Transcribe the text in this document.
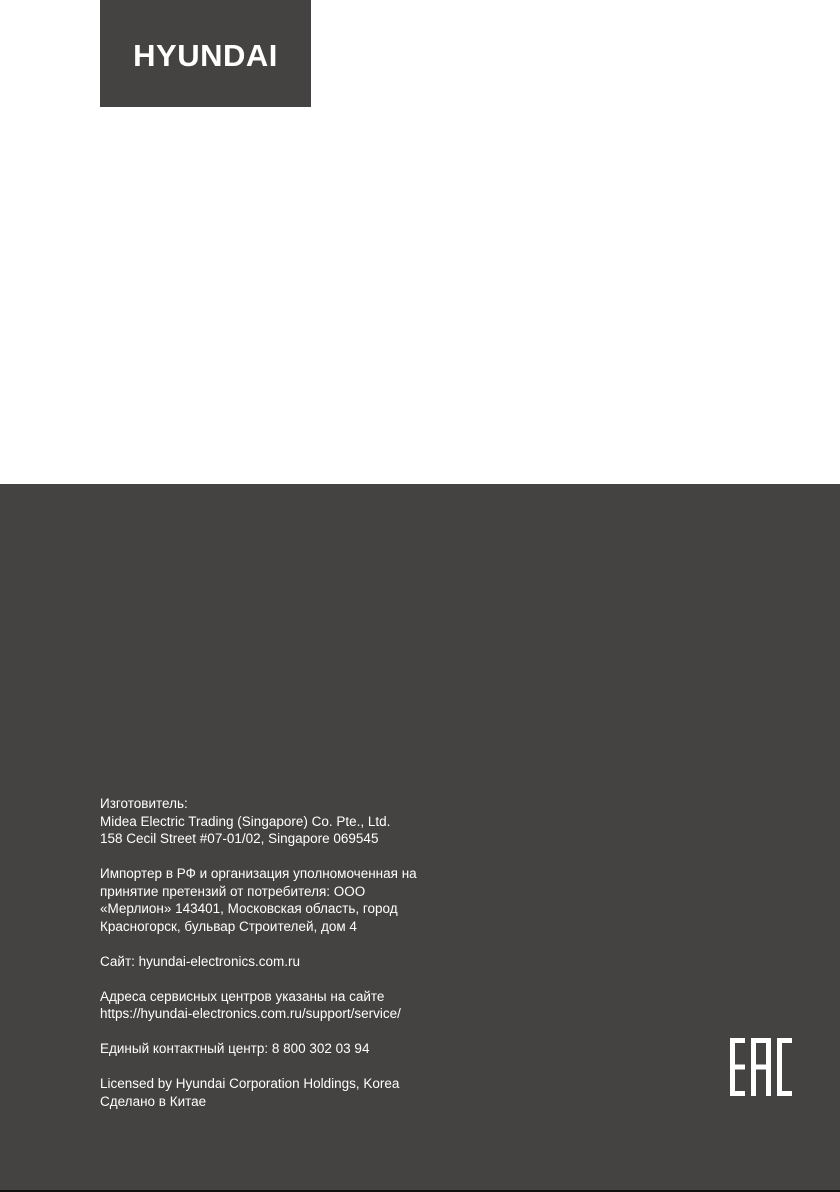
HYUNDAI
Изготовитель:
Midea Electric Trading (Singapore) Co. Pte., Ltd.
158 Cecil Street #07-01/02, Singapore 069545
Импортер в РФ и организация уполномоченная на
принятие претензий от потребителя: ООО
«Мерлион» 143401, Московская область, город
Красногорск, бульвар Строителей, дом 4
Сайт: hyundai-electronics.com.ru
Адреса сервисных центров указаны на сайте
https://hyundai-electronics.com.ru/support/service/
Единый контактный центр: 8 800 302 03 94
Licensed by Hyundai Corporation Holdings, Korea
Сделано в Китае
